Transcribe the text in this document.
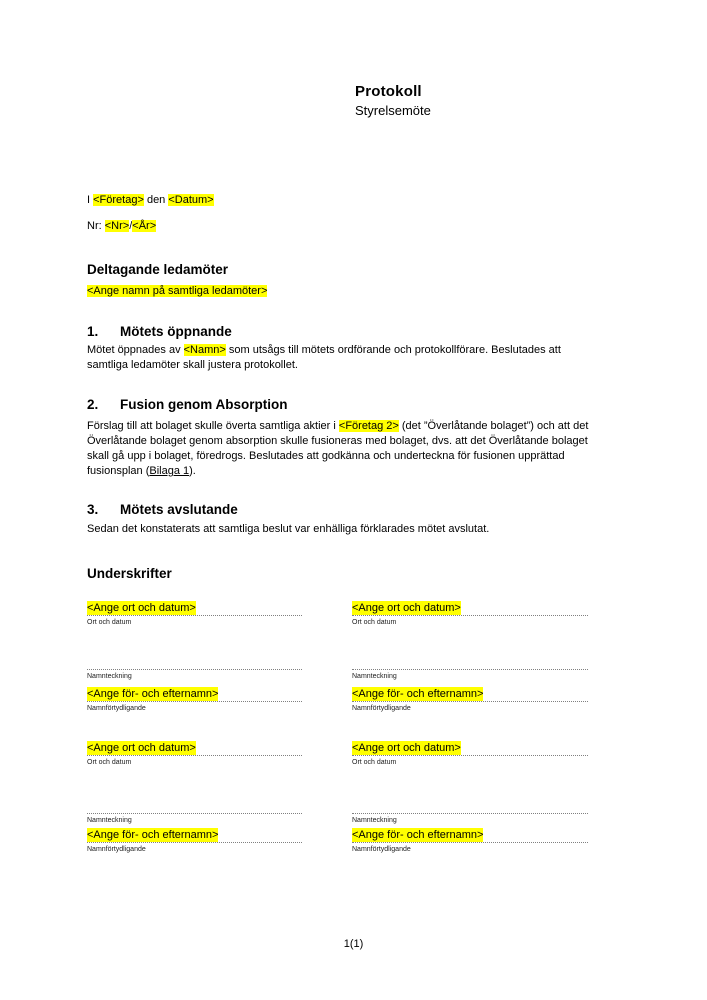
Protokoll
Styrelsemöte
I <Företag> den <Datum>
Nr: <Nr>/<År>
Deltagande ledamöter
<Ange namn på samtliga ledamöter>
1. Mötets öppnande
Mötet öppnades av <Namn> som utsågs till mötets ordförande och protokollförare. Beslutades att samtliga ledamöter skall justera protokollet.
2. Fusion genom Absorption
Förslag till att bolaget skulle överta samtliga aktier i <Företag 2> (det ”Överlåtande bolaget”) och att det Överlåtande bolaget genom absorption skulle fusioneras med bolaget, dvs. att det Överlåtande bolaget skall gå upp i bolaget, föredrogs. Beslutades att godkänna och underteckna för fusionen upprättad fusionsplan (Bilaga 1).
3. Mötets avslutande
Sedan det konstaterats att samtliga beslut var enhälliga förklarades mötet avslutat.
Underskrifter
<Ange ort och datum>
Ort och datum
Namnteckning
<Ange för- och efternamn>
Namnförtydligande
<Ange ort och datum>
Ort och datum
Namnteckning
<Ange för- och efternamn>
Namnförtydligande
<Ange ort och datum>
Ort och datum
Namnteckning
<Ange för- och efternamn>
Namnförtydligande
<Ange ort och datum>
Ort och datum
Namnteckning
<Ange för- och efternamn>
Namnförtydligande
1(1)
